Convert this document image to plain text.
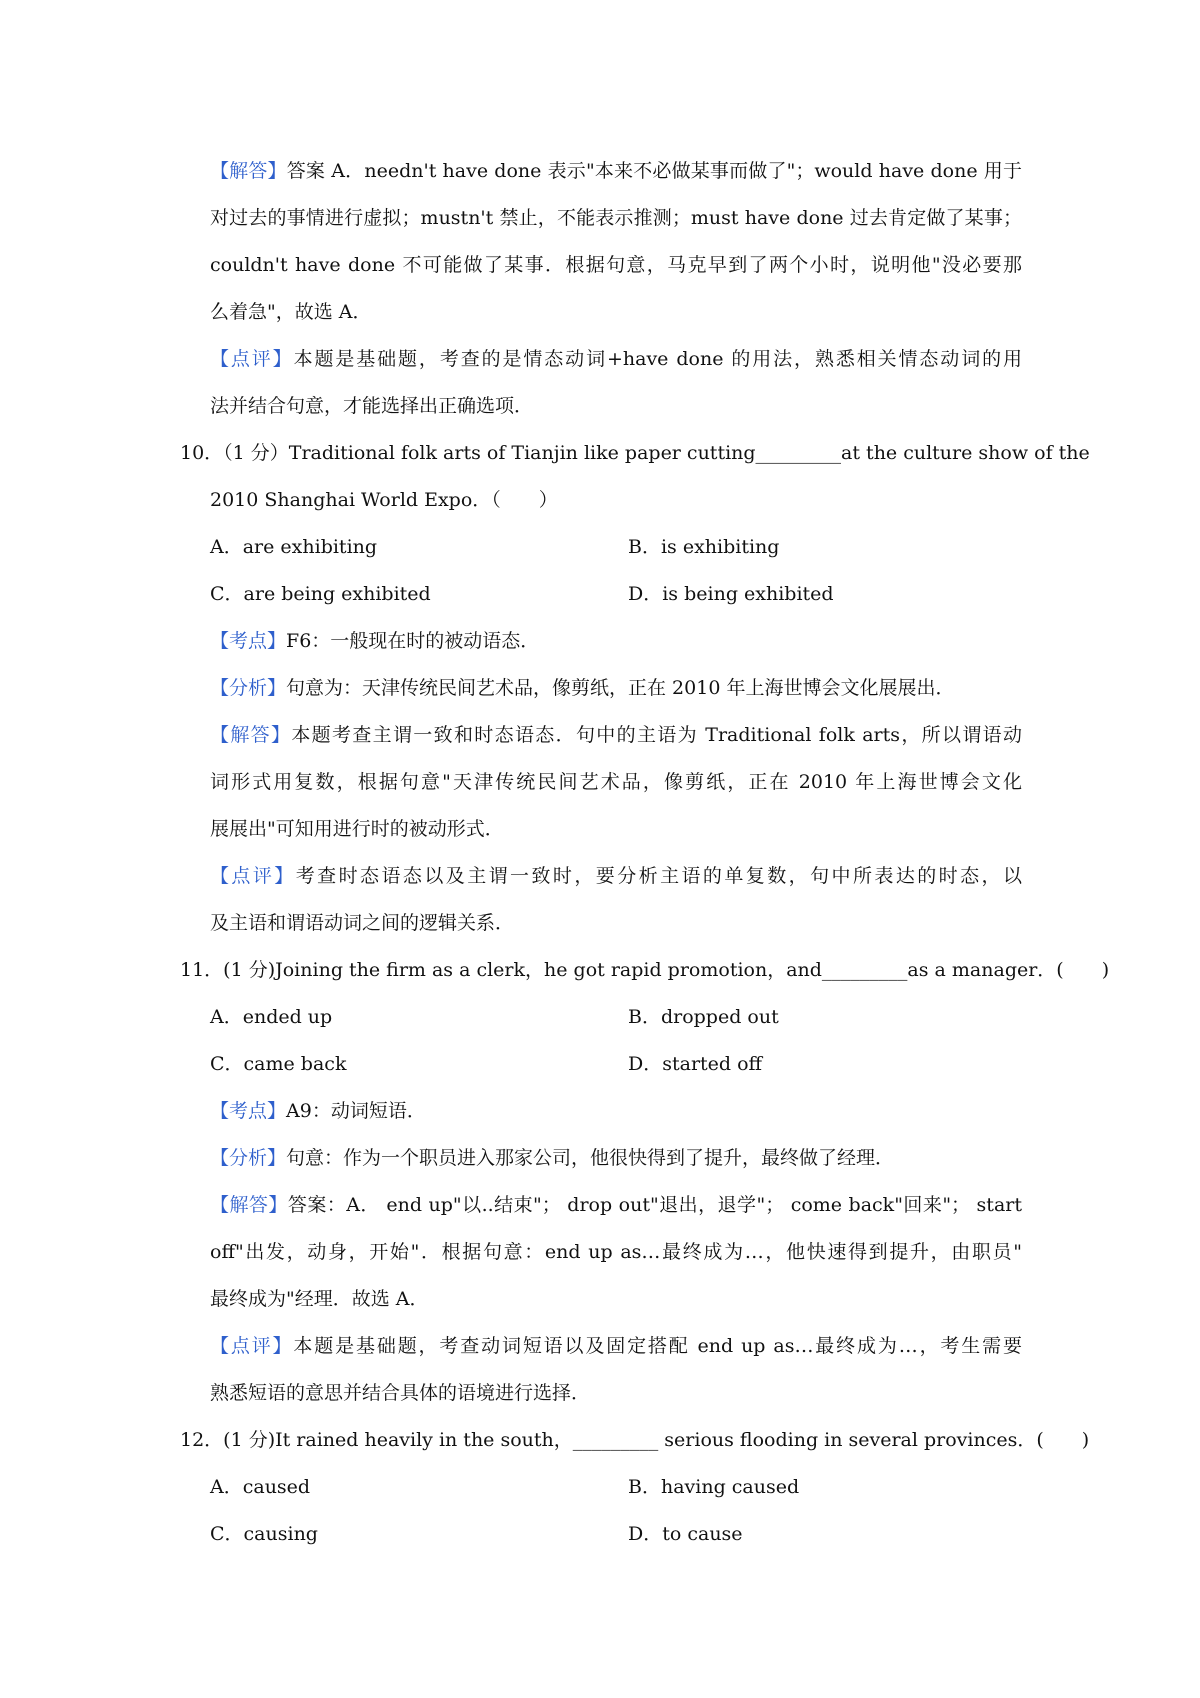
【解答】答案 A．needn't have done 表示"本来不必做某事而做了"；would have done 用于
对过去的事情进行虚拟；mustn't 禁止，不能表示推测；must have done 过去肯定做了某事；
couldn't have done 不可能做了某事．根据句意，马克早到了两个小时，说明他"没必要那
么着急"，故选 A．
【点评】本题是基础题，考查的是情态动词+have done 的用法，熟悉相关情态动词的用
法并结合句意，才能选择出正确选项．
10．（1 分）Traditional folk arts of Tianjin like paper cutting_________at the culture show of the
2010 Shanghai World Expo．（　　）
A．are exhibiting	B．is exhibiting
C．are being exhibited	D．is being exhibited
【考点】F6：一般现在时的被动语态．
【分析】句意为：天津传统民间艺术品，像剪纸，正在 2010 年上海世博会文化展展出．
【解答】本题考查主谓一致和时态语态．句中的主语为 Traditional folk arts，所以谓语动
词形式用复数，根据句意"天津传统民间艺术品，像剪纸，正在 2010 年上海世博会文化
展展出"可知用进行时的被动形式．
【点评】考查时态语态以及主谓一致时，要分析主语的单复数，句中所表达的时态，以
及主语和谓语动词之间的逻辑关系．
11．(1 分)Joining the firm as a clerk，he got rapid promotion，and_________as a manager．(　　)
A．ended up	B．dropped out
C．came back	D．started off
【考点】A9：动词短语．
【分析】句意：作为一个职员进入那家公司，他很快得到了提升，最终做了经理．
【解答】答案：A． end up"以..结束"； drop out"退出，退学"； come back"回来"； start
off"出发，动身，开始"．根据句意：end up as…最终成为…，他快速得到提升，由职员"
最终成为"经理．故选 A．
【点评】本题是基础题，考查动词短语以及固定搭配 end up as…最终成为…，考生需要
熟悉短语的意思并结合具体的语境进行选择．
12．(1 分)It rained heavily in the south，_________ serious flooding in several provinces．(　　)
A．caused	B．having caused
C．causing	D．to cause
